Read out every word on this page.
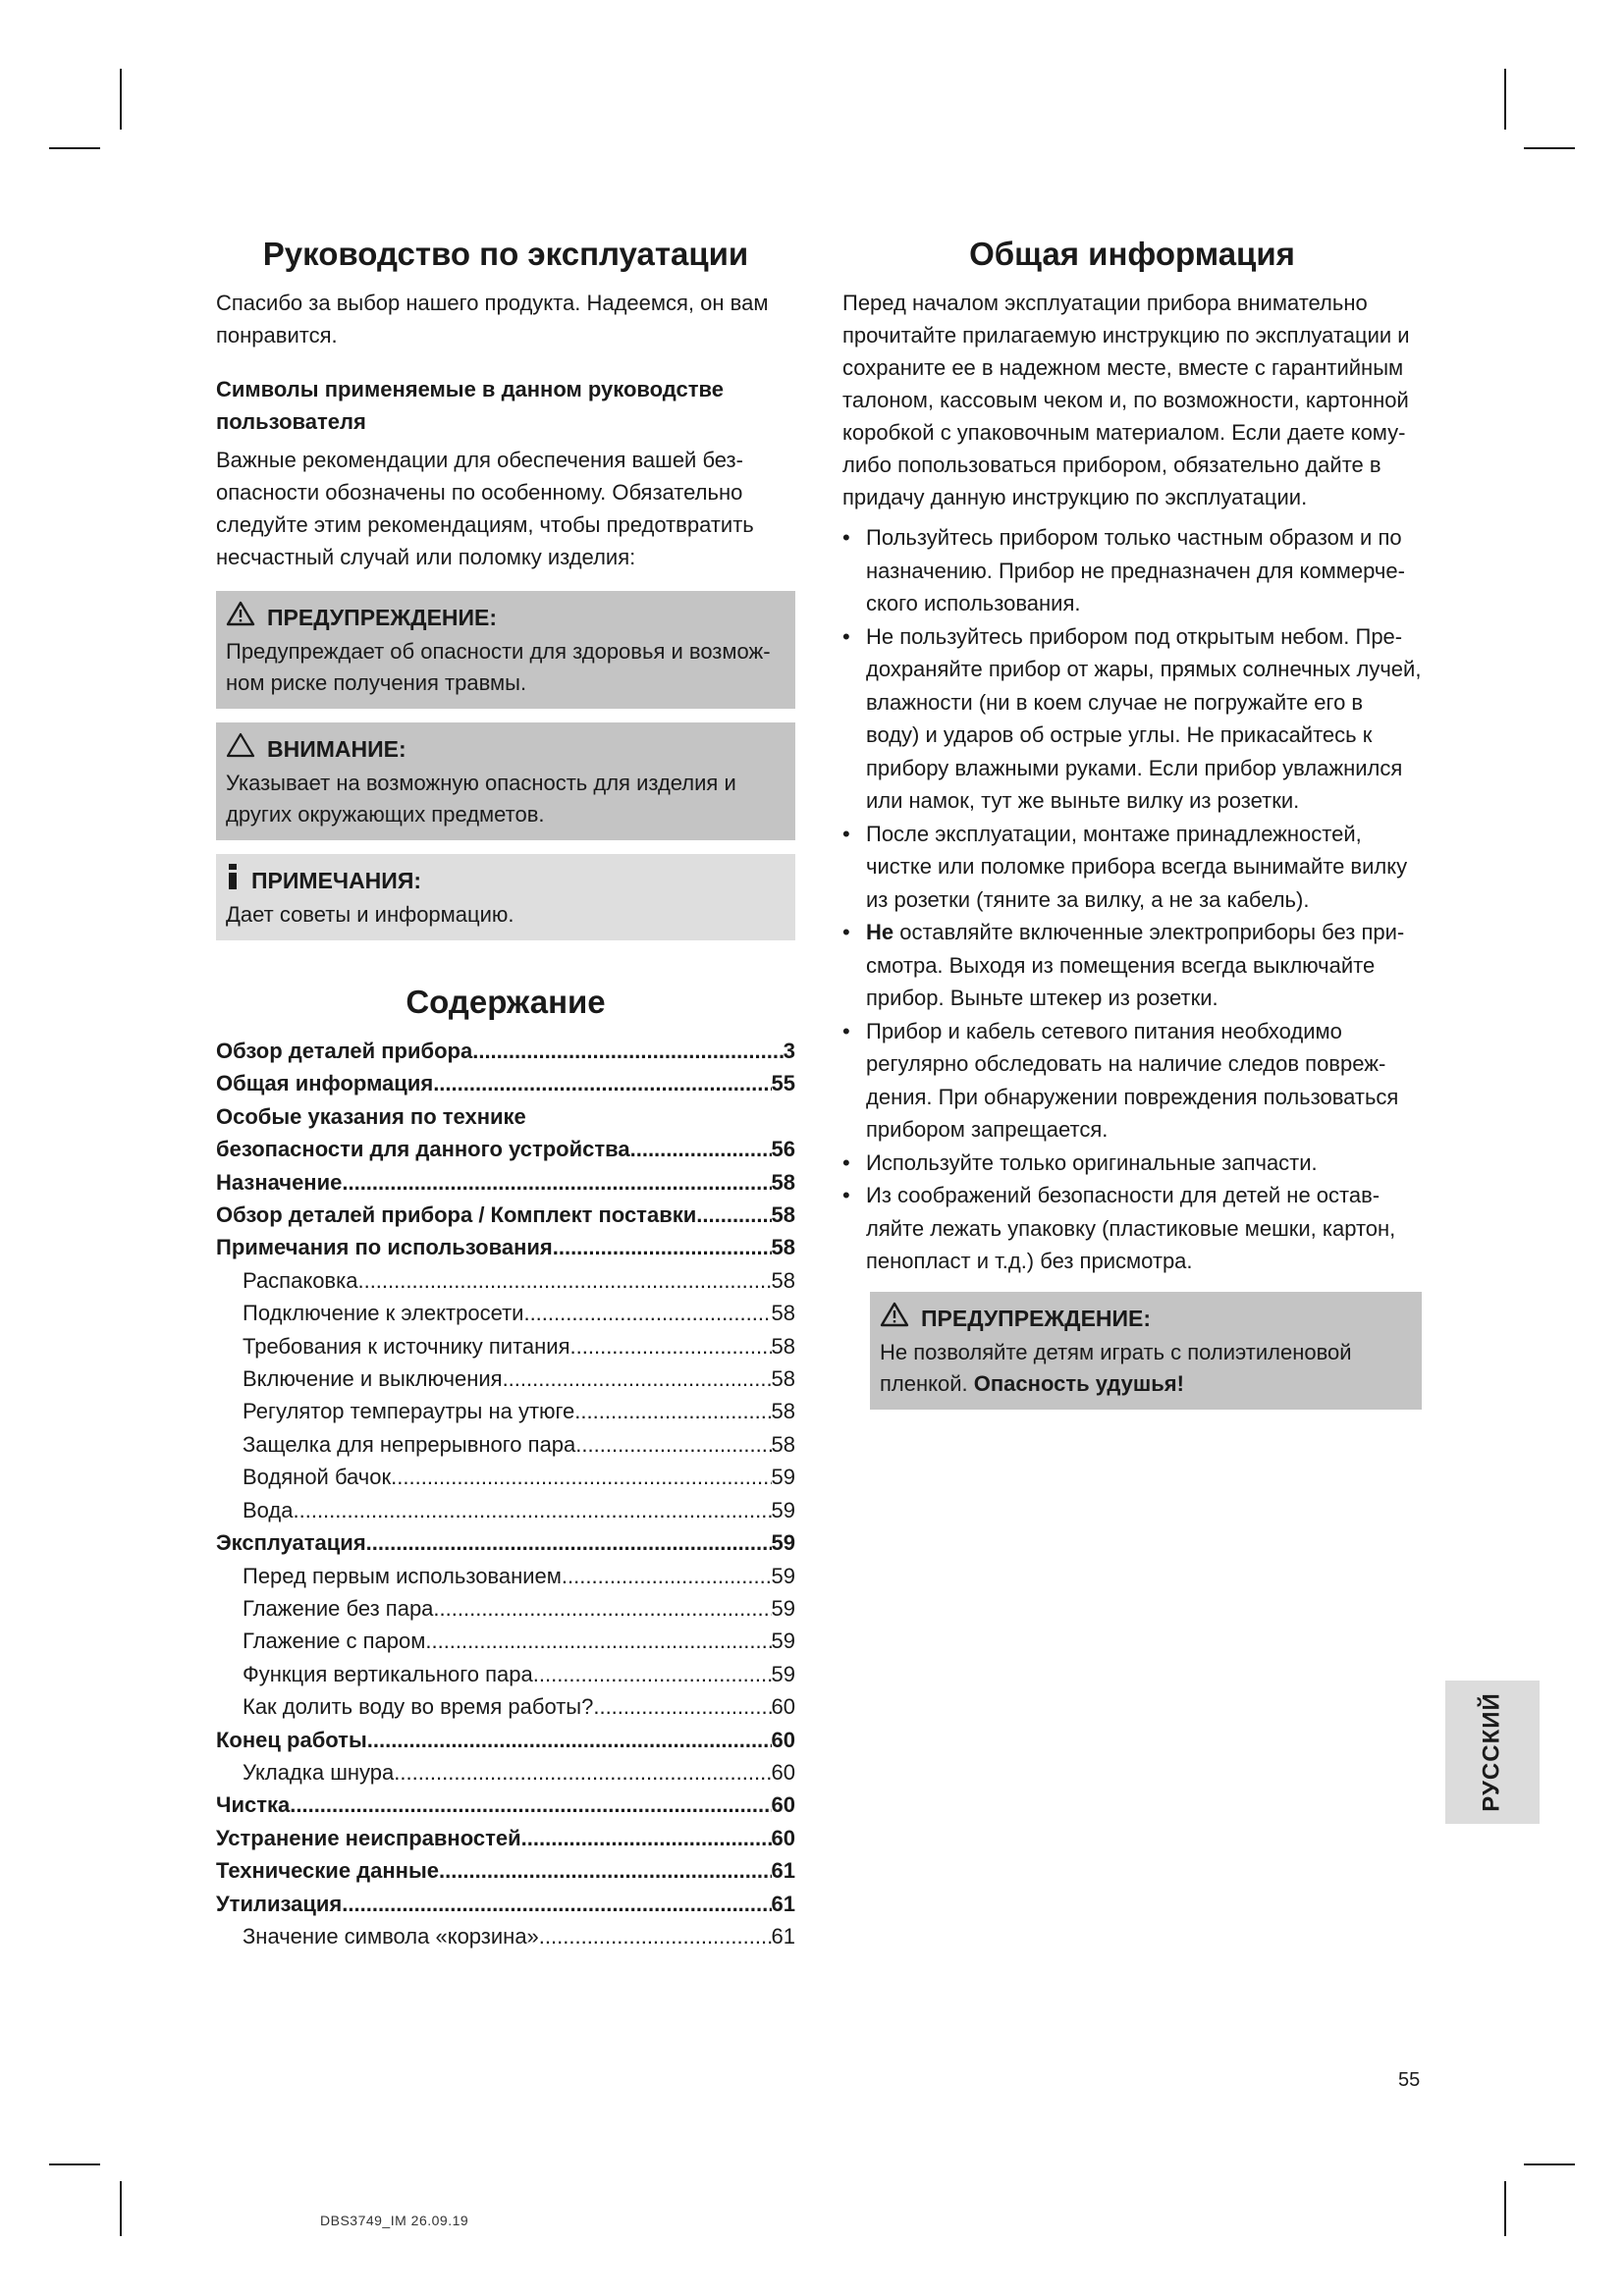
Руководство по эксплуатации

Спасибо за выбор нашего продукта. Надеемся, он вам понравится.

Символы применяемые в данном руководстве пользователя

Важные рекомендации для обеспечения вашей безопасности обозначены по особенному. Обязательно следуйте этим рекомендациям, чтобы предотвратить несчастный случай или поломку изделия:

ПРЕДУПРЕЖДЕНИЕ:
Предупреждает об опасности для здоровья и возможном риске получения травмы.
ВНИМАНИЕ:
Указывает на возможную опасность для изделия и других окружающих предметов.
ПРИМЕЧАНИЯ:
Дает советы и информацию.
Содержание
Обзор деталей прибора .....	3
Общая информация .....	55
Особые указания по технике
безопасности для данного устройства .....	56
Назначение .....	58
Обзор деталей прибора / Комплект поставки .....	58
Примечания по использования .....	58
Распаковка .....	58
Подключение к электросети .....	58
Требования к источнику питания .....	58
Включение и выключения .....	58
Регулятор темпераутры на утюге .....	58
Защелка для непрерывного пара .....	58
Водяной бачок .....	59
Вода .....	59
Эксплуатация .....	59
Перед первым использованием .....	59
Глажение без пара .....	59
Глажение с паром .....	59
Функция вертикального пара .....	59
Как долить воду во время работы? .....	60
Конец работы .....	60
Укладка шнура .....	60
Чистка .....	60
Устранение неисправностей .....	60
Технические данные .....	61
Утилизация .....	61
Значение символа «корзина» .....	61
Общая информация

Перед началом эксплуатации прибора внимательно прочитайте прилагаемую инструкцию по эксплуатации и сохраните ее в надежном месте, вместе с гарантийным талоном, кассовым чеком и, по возможности, картонной коробкой с упаковочным материалом. Если даете кому-либо попользоваться прибором, обязательно дайте в придачу данную инструкцию по эксплуатации.

• Пользуйтесь прибором только частным образом и по назначению. Прибор не предназначен для коммерческого использования.
• Не пользуйтесь прибором под открытым небом. Предохраняйте прибор от жары, прямых солнечных лучей, влажности (ни в коем случае не погружайте его в воду) и ударов об острые углы. Не прикасайтесь к прибору влажными руками. Если прибор увлажнился или намок, тут же выньте вилку из розетки.
• После эксплуатации, монтаже принадлежностей, чистке или поломке прибора всегда вынимайте вилку из розетки (тяните за вилку, а не за кабель).
• Не оставляйте включенные электроприборы без присмотра. Выходя из помещения всегда выключайте прибор. Выньте штекер из розетки.
• Прибор и кабель сетевого питания необходимо регулярно обследовать на наличие следов повреждения. При обнаружении повреждения пользоваться прибором запрещается.
• Используйте только оригинальные запчасти.
• Из соображений безопасности для детей не оставляйте лежать упаковку (пластиковые мешки, картон, пенопласт и т.д.) без присмотра.
ПРЕДУПРЕЖДЕНИЕ:
Не позволяйте детям играть с полиэтиленовой пленкой. Опасность удушья!
РУССКИЙ
55
DBS3749_IM 26.09.19
